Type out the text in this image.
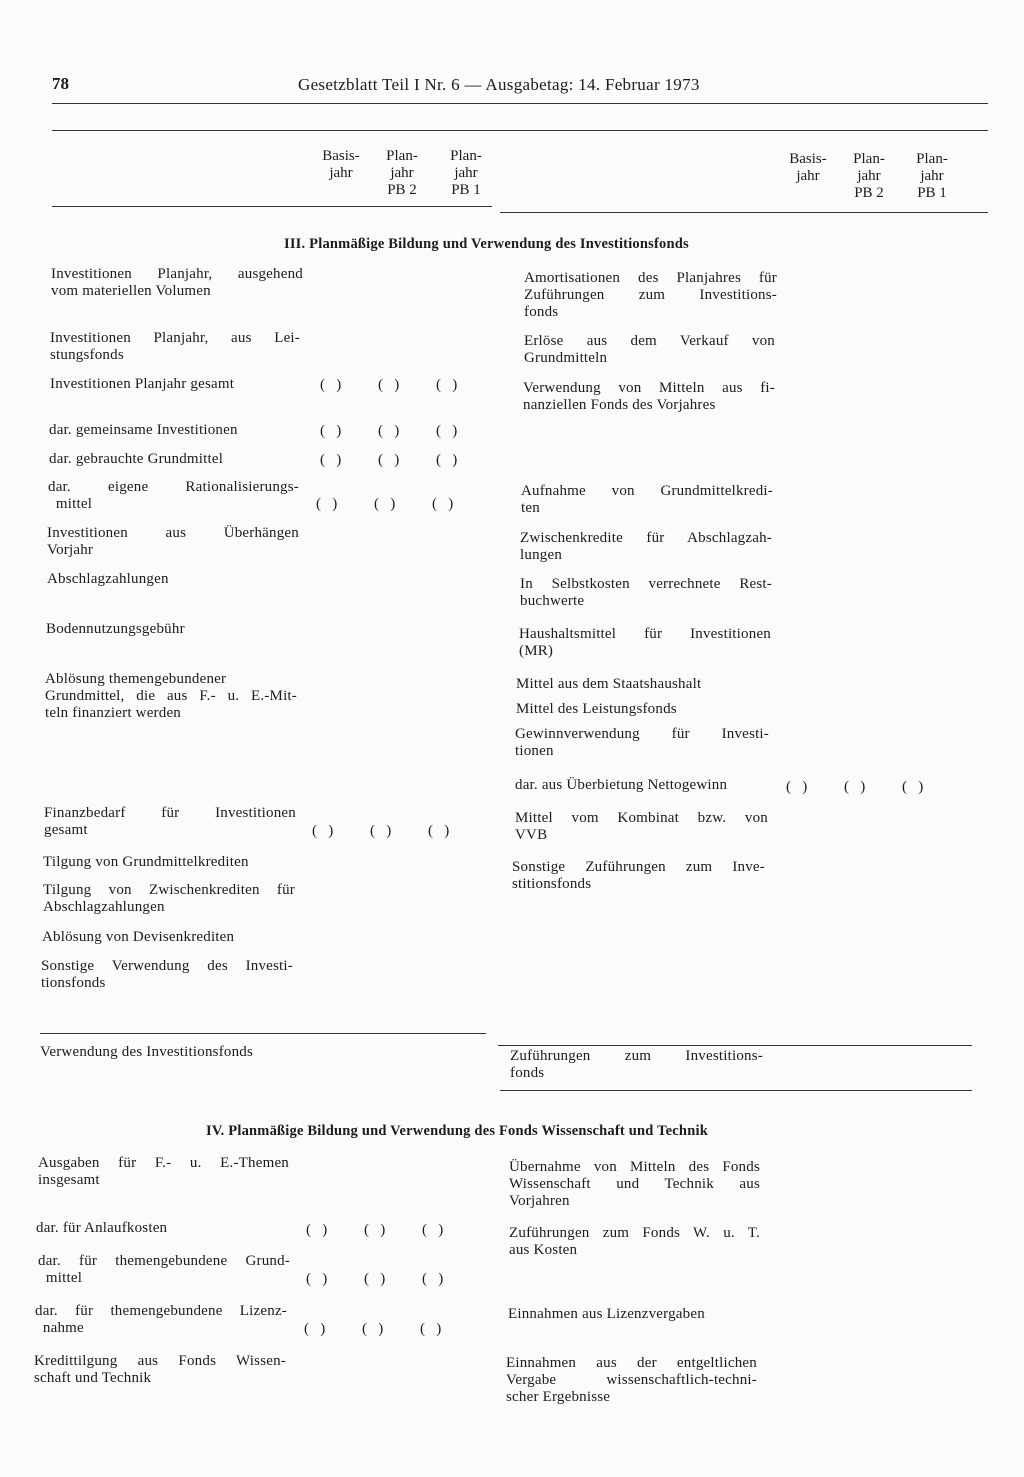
78	Gesetzblatt Teil I Nr. 6 — Ausgabetag: 14. Februar 1973
Basis-
jahr
Plan-
jahr
PB 2
Plan-
jahr
PB 1
Basis-
jahr
Plan-
jahr
PB 2
Plan-
jahr
PB 1
III. Planmäßige Bildung und Verwendung des Investitionsfonds
Investitionen Planjahr, ausgehend
vom materiellen Volumen
Investitionen Planjahr, aus Lei-
stungsfonds
Investitionen Planjahr gesamt
dar. gemeinsame Investitionen
dar. gebrauchte Grundmittel
dar. eigene Rationalisierungs-
mittel
Investitionen aus Überhängen
Vorjahr
Abschlagzahlungen
Bodennutzungsgebühr
Ablösung themengebundener
Grundmittel, die aus F.- u. E.-Mit-
teln finanziert werden
Finanzbedarf für Investitionen
gesamt
Tilgung von Grundmittelkrediten
Tilgung von Zwischenkrediten für
Abschlagzahlungen
Ablösung von Devisenkrediten
Sonstige Verwendung des Investi-
tionsfonds
(   ) (   ) (   )
(   ) (   ) (   )
(   ) (   ) (   )
(   ) (   ) (   )
(   ) (   ) (   )
Amortisationen des Planjahres für
Zuführungen zum Investitions-
fonds
Erlöse aus dem Verkauf von
Grundmitteln
Verwendung von Mitteln aus fi-
nanziellen Fonds des Vorjahres
Aufnahme von Grundmittelkredi-
ten
Zwischenkredite für Abschlagzah-
lungen
In Selbstkosten verrechnete Rest-
buchwerte
Haushaltsmittel für Investitionen
(MR)
Mittel aus dem Staatshaushalt
Mittel des Leistungsfonds
Gewinnverwendung für Investi-
tionen
dar. aus Überbietung Nettogewinn
Mittel vom Kombinat bzw. von
VVB
Sonstige Zuführungen zum Inve-
stitionsfonds
(   ) (   ) (   )
Verwendung des Investitionsfonds	Zuführungen zum Investitions-
fonds
IV. Planmäßige Bildung und Verwendung des Fonds Wissenschaft und Technik
Ausgaben für F.- u. E.-Themen
insgesamt
dar. für Anlaufkosten
dar. für themengebundene Grund-
mittel
dar. für themengebundene Lizenz-
nahme
Kredittilgung aus Fonds Wissen-
schaft und Technik
(   ) (   ) (   )
(   ) (   ) (   )
(   ) (   ) (   )
Übernahme von Mitteln des Fonds
Wissenschaft und Technik aus
Vorjahren
Zuführungen zum Fonds W. u. T.
aus Kosten
Einnahmen aus Lizenzvergaben
Einnahmen aus der entgeltlichen
Vergabe wissenschaftlich-techni-
scher Ergebnisse
